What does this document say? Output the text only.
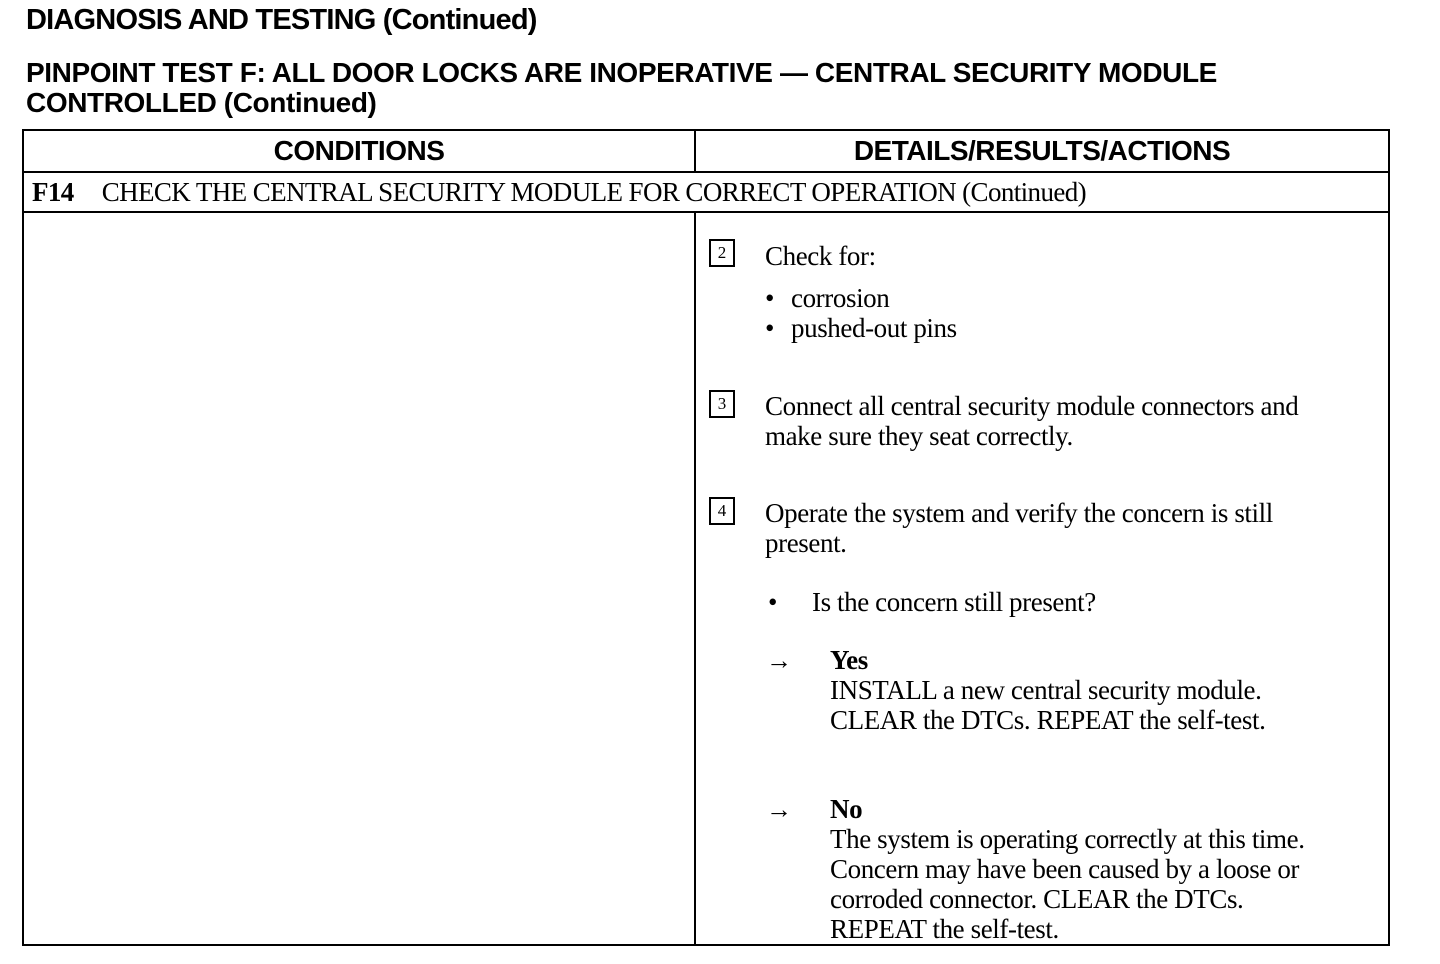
DIAGNOSIS AND TESTING (Continued)
PINPOINT TEST F: ALL DOOR LOCKS ARE INOPERATIVE — CENTRAL SECURITY MODULE
CONTROLLED (Continued)
CONDITIONS	DETAILS/RESULTS/ACTIONS
F14 CHECK THE CENTRAL SECURITY MODULE FOR CORRECT OPERATION (Continued)
2	Check for:
• corrosion
• pushed-out pins
3	Connect all central security module connectors and
make sure they seat correctly.
4	Operate the system and verify the concern is still
present.
• Is the concern still present?
→ Yes
INSTALL a new central security module.
CLEAR the DTCs. REPEAT the self-test.
→ No
The system is operating correctly at this time.
Concern may have been caused by a loose or
corroded connector. CLEAR the DTCs.
REPEAT the self-test.
